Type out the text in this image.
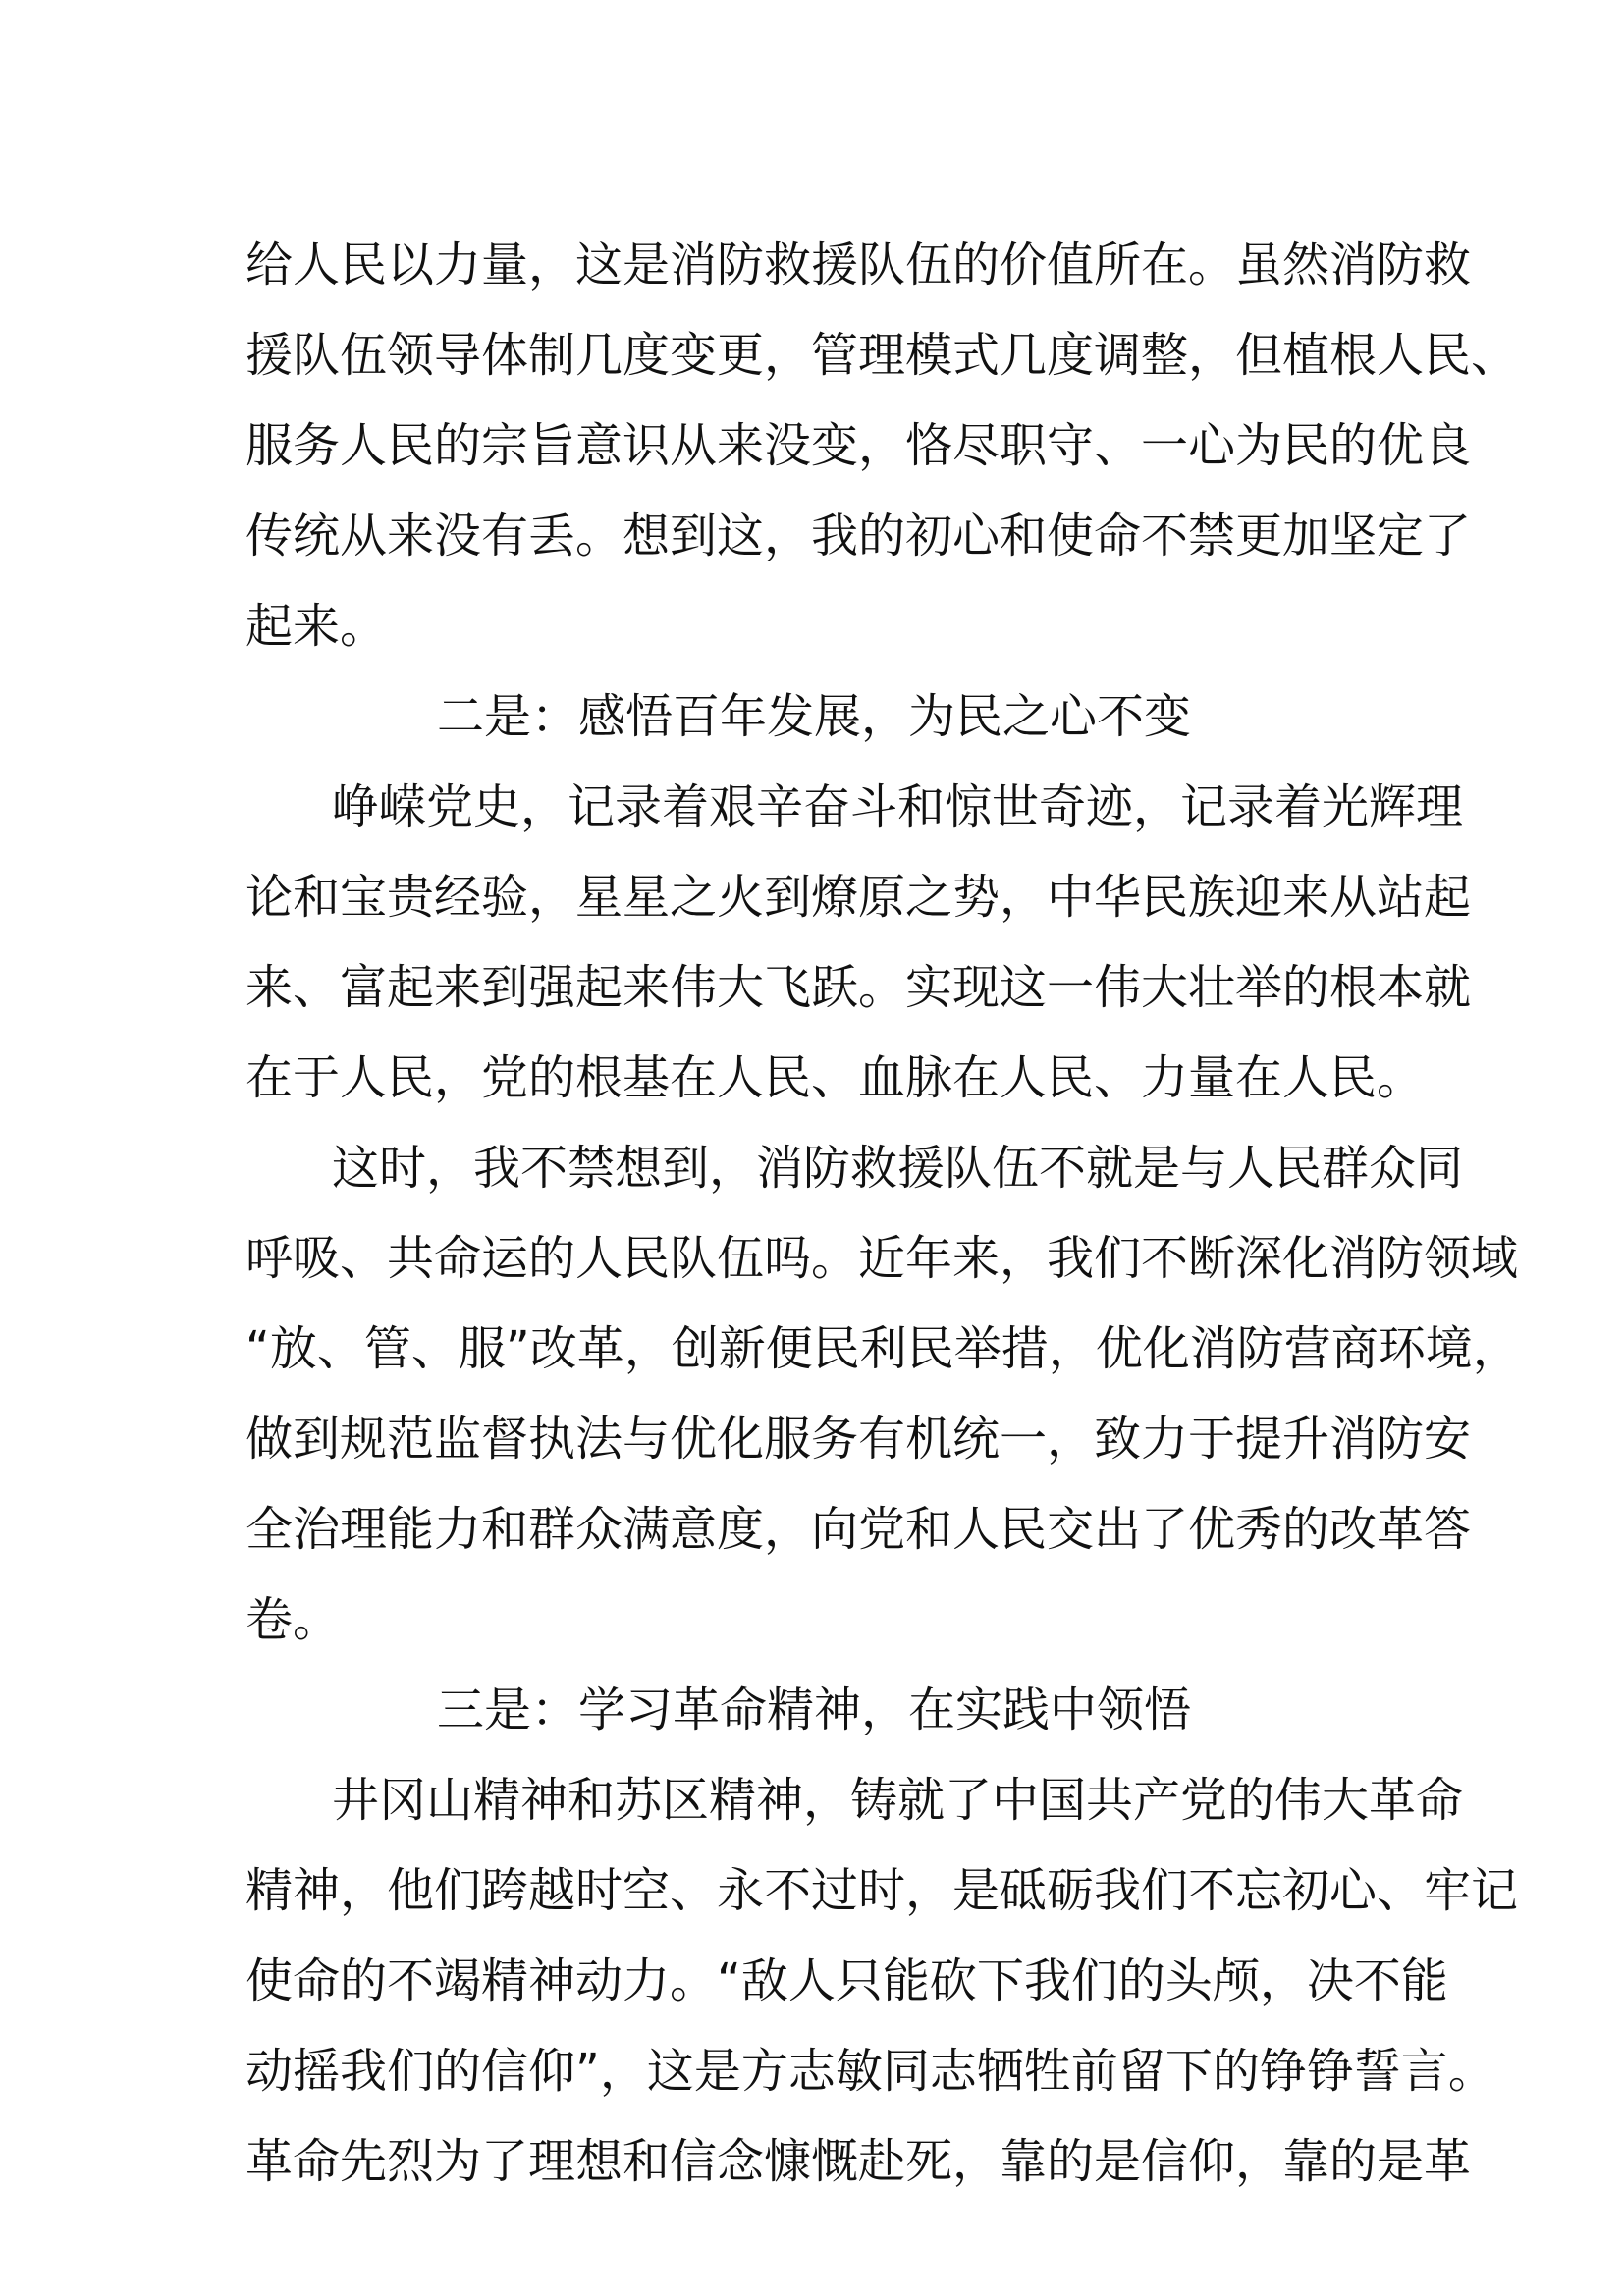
给人民以力量，这是消防救援队伍的价值所在。虽然消防救
援队伍领导体制几度变更，管理模式几度调整，但植根人民、
服务人民的宗旨意识从来没变，恪尽职守、一心为民的优良
传统从来没有丢。想到这，我的初心和使命不禁更加坚定了
起来。
二是：感悟百年发展，为民之心不变
峥嵘党史，记录着艰辛奋斗和惊世奇迹，记录着光辉理
论和宝贵经验，星星之火到燎原之势，中华民族迎来从站起
来、富起来到强起来伟大飞跃。实现这一伟大壮举的根本就
在于人民，党的根基在人民、血脉在人民、力量在人民。
这时，我不禁想到，消防救援队伍不就是与人民群众同
呼吸、共命运的人民队伍吗。近年来，我们不断深化消防领域
“放、管、服”改革，创新便民利民举措，优化消防营商环境，
做到规范监督执法与优化服务有机统一，致力于提升消防安
全治理能力和群众满意度，向党和人民交出了优秀的改革答
卷。
三是：学习革命精神，在实践中领悟
井冈山精神和苏区精神，铸就了中国共产党的伟大革命
精神，他们跨越时空、永不过时，是砥砺我们不忘初心、牢记
使命的不竭精神动力。“敌人只能砍下我们的头颅，决不能
动摇我们的信仰”，这是方志敏同志牺牲前留下的铮铮誓言。
革命先烈为了理想和信念慷慨赴死，靠的是信仰，靠的是革
